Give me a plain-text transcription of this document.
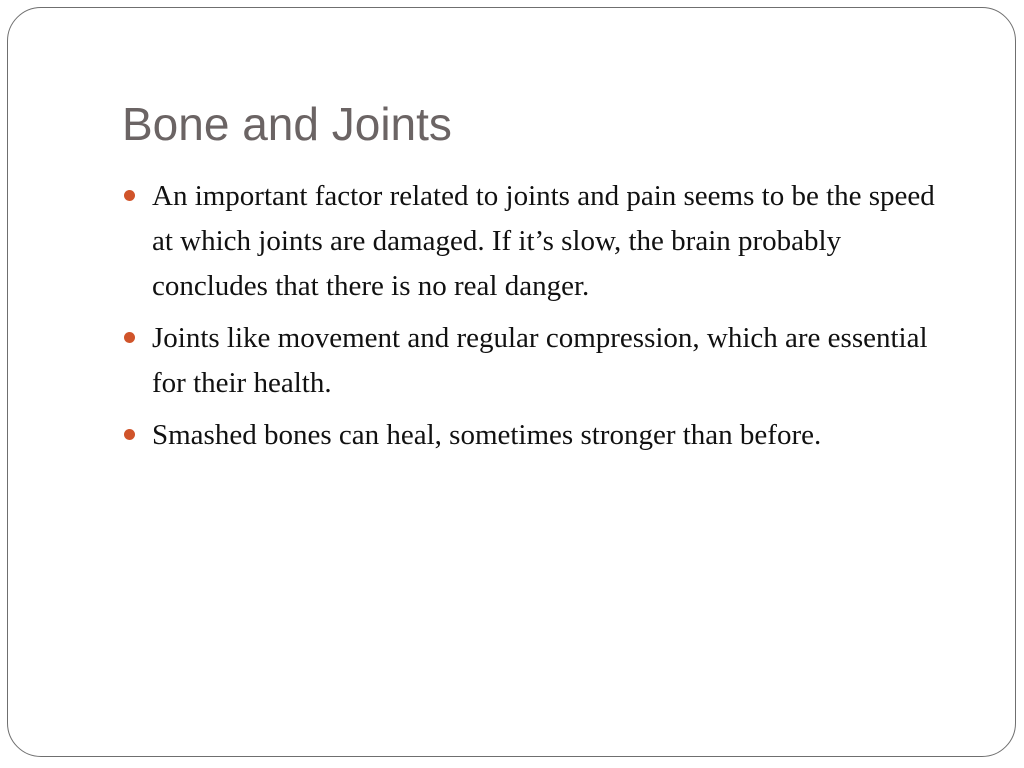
Bone and Joints
An important factor related to joints and pain seems to be the speed at which joints are damaged. If it’s slow, the brain probably concludes that there is no real danger.
Joints like movement and regular compression, which are essential for their health.
Smashed bones can heal, sometimes stronger than before.
